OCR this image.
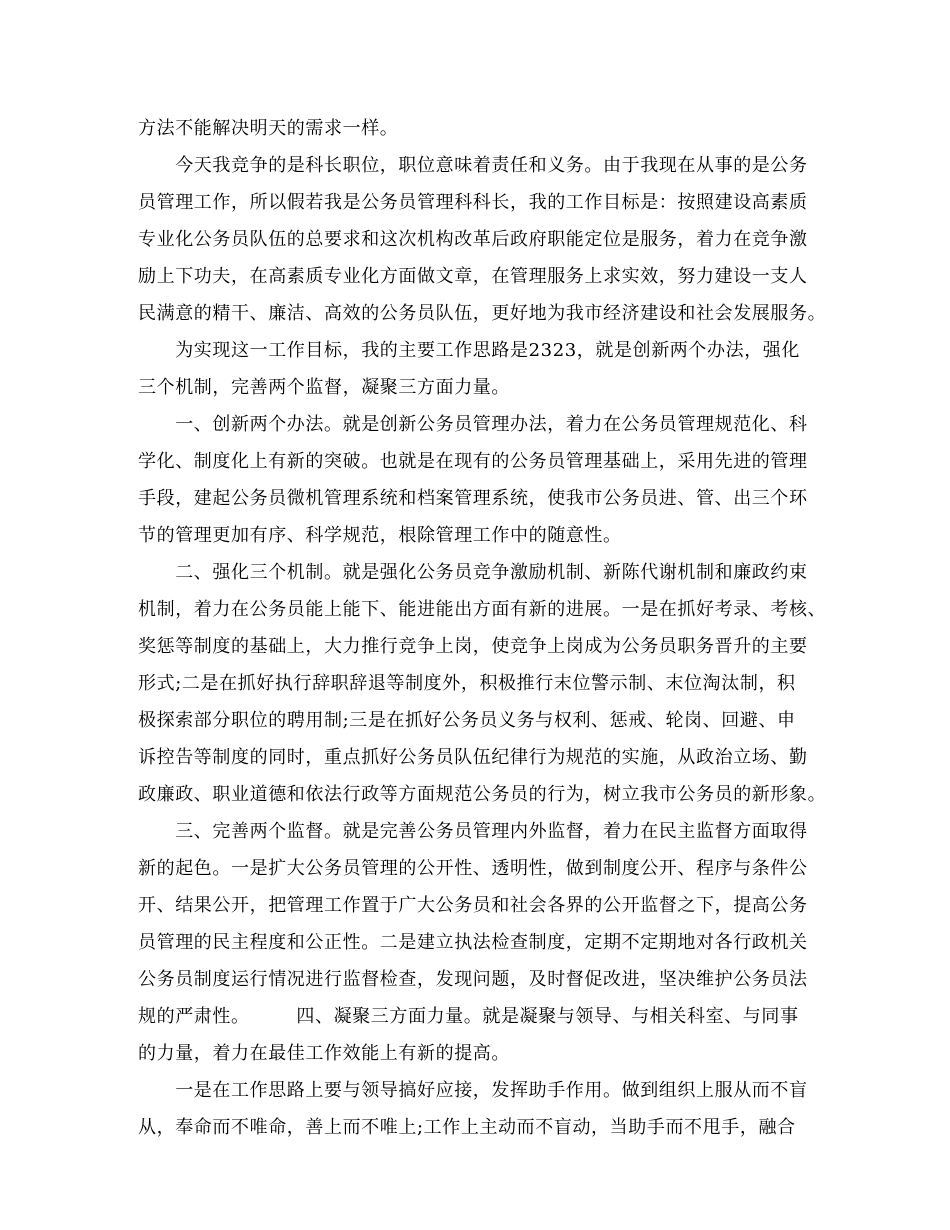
方法不能解决明天的需求一样。
　　今天我竞争的是科长职位，职位意味着责任和义务。由于我现在从事的是公务
员管理工作，所以假若我是公务员管理科科长，我的工作目标是：按照建设高素质
专业化公务员队伍的总要求和这次机构改革后政府职能定位是服务，着力在竞争激
励上下功夫，在高素质专业化方面做文章，在管理服务上求实效，努力建设一支人
民满意的精干、廉洁、高效的公务员队伍，更好地为我市经济建设和社会发展服务。
　　为实现这一工作目标，我的主要工作思路是2323，就是创新两个办法，强化
三个机制，完善两个监督，凝聚三方面力量。
　　一、创新两个办法。就是创新公务员管理办法，着力在公务员管理规范化、科
学化、制度化上有新的突破。也就是在现有的公务员管理基础上，采用先进的管理
手段，建起公务员微机管理系统和档案管理系统，使我市公务员进、管、出三个环
节的管理更加有序、科学规范，根除管理工作中的随意性。
　　二、强化三个机制。就是强化公务员竞争激励机制、新陈代谢机制和廉政约束
机制，着力在公务员能上能下、能进能出方面有新的进展。一是在抓好考录、考核、
奖惩等制度的基础上，大力推行竞争上岗，使竞争上岗成为公务员职务晋升的主要
形式;二是在抓好执行辞职辞退等制度外，积极推行末位警示制、末位淘汰制，积
极探索部分职位的聘用制;三是在抓好公务员义务与权利、惩戒、轮岗、回避、申
诉控告等制度的同时，重点抓好公务员队伍纪律行为规范的实施，从政治立场、勤
政廉政、职业道德和依法行政等方面规范公务员的行为，树立我市公务员的新形象。
　　三、完善两个监督。就是完善公务员管理内外监督，着力在民主监督方面取得
新的起色。一是扩大公务员管理的公开性、透明性，做到制度公开、程序与条件公
开、结果公开，把管理工作置于广大公务员和社会各界的公开监督之下，提高公务
员管理的民主程度和公正性。二是建立执法检查制度，定期不定期地对各行政机关
公务员制度运行情况进行监督检查，发现问题，及时督促改进，坚决维护公务员法
规的严肃性。　　　四、凝聚三方面力量。就是凝聚与领导、与相关科室、与同事
的力量，着力在最佳工作效能上有新的提高。
　　一是在工作思路上要与领导搞好应接，发挥助手作用。做到组织上服从而不盲
从，奉命而不唯命，善上而不唯上;工作上主动而不盲动，当助手而不甩手，融合
